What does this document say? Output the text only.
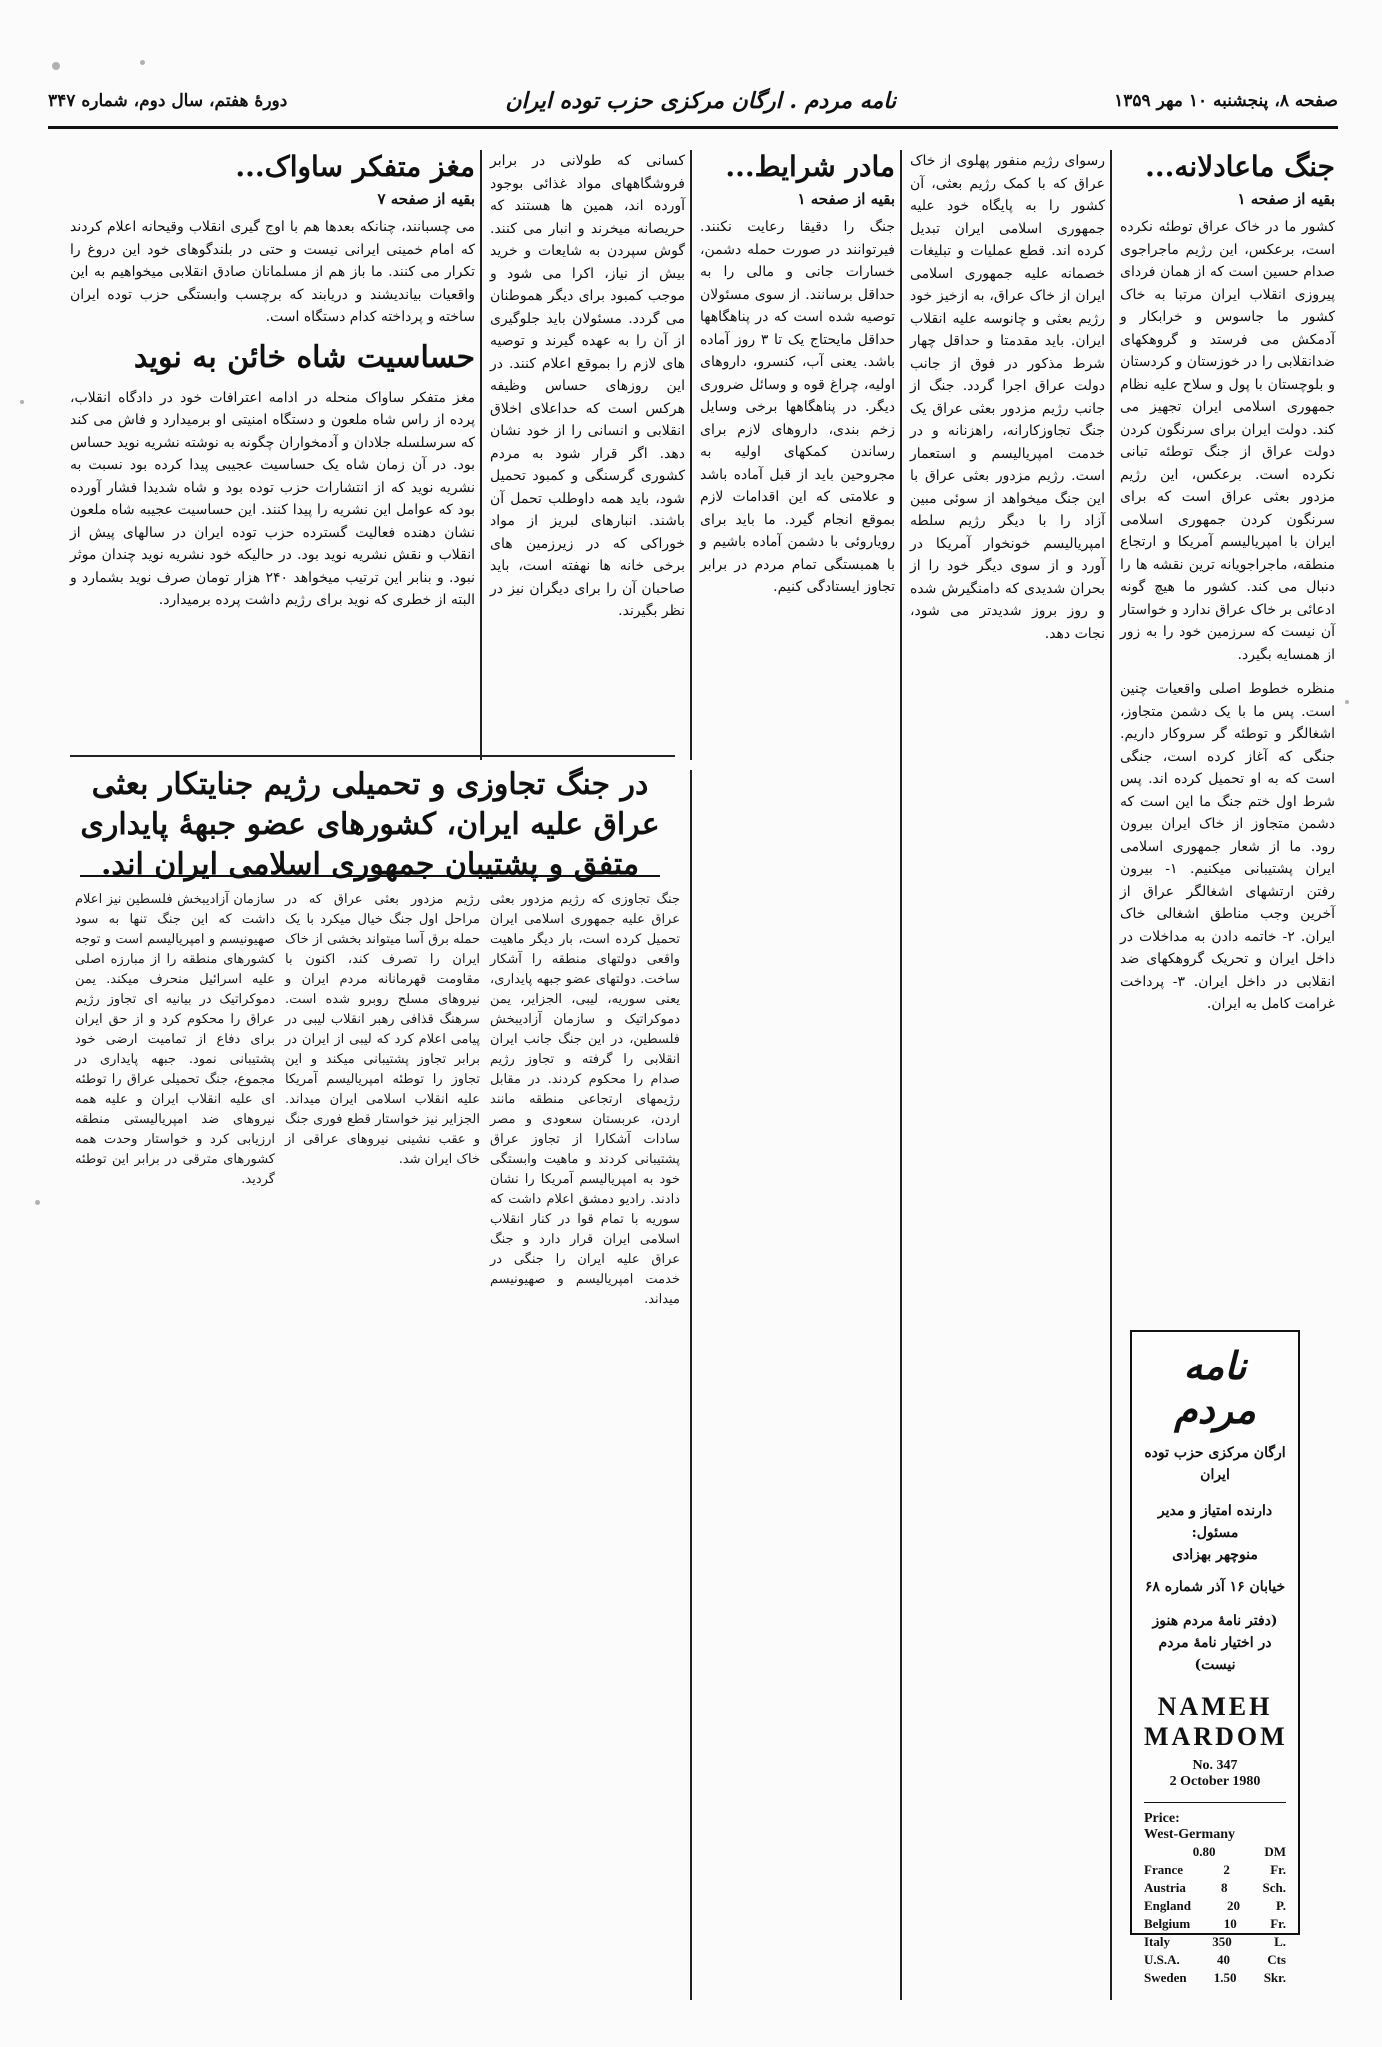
صفحه ۸، پنجشنبه ۱۰ مهر ۱۳۵۹
نامه مردم . ارگان مرکزی حزب توده ایران
دورهٔ هفتم، سال دوم، شماره ۳۴۷
جنگ ماعادلانه...
بقیه از صفحه ۱

کشور ما در خاک عراق توطئه نکرده است، برعکس، این رژیم ماجراجوی صدام حسین است که از همان فردای پیروزی انقلاب ایران مرتبا به خاک کشور ما جاسوس و خرابکار و آدمکش می فرستد و گروهکهای ضدانقلابی را در خوزستان و کردستان و بلوچستان با پول و سلاح علیه نظام جمهوری اسلامی ایران تجهیز می کند. دولت ایران برای سرنگون کردن دولت عراق از جنگ توطئه تبانی نکرده است. برعکس، این رژیم مزدور بعثی عراق است که برای سرنگون کردن جمهوری اسلامی ایران با امپریالیسم آمریکا و ارتجاع منطقه، ماجراجویانه ترین نقشه ها را دنبال می کند. کشور ما هیچ گونه ادعائی بر خاک عراق ندارد و خواستار آن نیست که سرزمین خود را به زور از همسایه بگیرد.

منظره خطوط اصلی واقعیات چنین است. پس ما با یک دشمن متجاوز، اشغالگر و توطئه گر سروکار داریم. جنگی که آغاز کرده است، جنگی است که به او تحمیل کرده اند. پس شرط اول ختم جنگ ما این است که دشمن متجاوز از خاک ایران بیرون رود. ما از شعار جمهوری اسلامی ایران پشتیبانی میکنیم. ۱- بیرون رفتن ارتشهای اشغالگر عراق از آخرین وجب مناطق اشغالی خاک ایران. ۲- خاتمه دادن به مداخلات در داخل ایران و تحریک گروهکهای ضد انقلابی در داخل ایران. ۳- پرداخت غرامت کامل به ایران.

رسوای رژیم منفور پهلوی از خاک عراق که با کمک رژیم بعثی، آن کشور را به پایگاه خود علیه جمهوری اسلامی ایران تبدیل کرده اند. قطع عملیات و تبلیغات خصمانه علیه جمهوری اسلامی ایران از خاک عراق، به ازخیز خود رژیم بعثی و چانوسه علیه انقلاب ایران. باید مقدمتا و حداقل چهار شرط مذکور در فوق از جانب دولت عراق اجرا گردد. جنگ از جانب رژیم مزدور بعثی عراق یک جنگ تجاوزکارانه، راهزنانه و در خدمت امپریالیسم و استعمار است. رژیم مزدور بعثی عراق با این جنگ میخواهد از سوئی مبین آزاد را با دیگر رژیم سلطه امپریالیسم خونخوار آمریکا در آورد و از سوی دیگر خود را از بحران شدیدی که دامنگیرش شده و روز بروز شدیدتر می شود، نجات دهد.

مادر شرایط...
بقیه از صفحه ۱

جنگ را دقیقا رعایت نکنند. فیرتوانند در صورت حمله دشمن، خسارات جانی و مالی را به حداقل برسانند. از سوی مسئولان توصیه شده است که در پناهگاهها حداقل مایحتاج یک تا ۳ روز آماده باشد. یعنی آب، کنسرو، داروهای اولیه، چراغ قوه و وسائل ضروری دیگر. در پناهگاهها برخی وسایل زخم بندی، داروهای لازم برای رساندن کمکهای اولیه به مجروحین باید از قبل آماده باشد و علامتی که این اقدامات لازم بموقع انجام گیرد. ما باید برای رویاروئی با دشمن آماده باشیم و با همبستگی تمام مردم در برابر تجاوز ایستادگی کنیم.

کسانی که طولانی در برابر فروشگاههای مواد غذائی بوجود آورده اند، همین ها هستند که حریصانه میخرند و انبار می کنند. گوش سپردن به شایعات و خرید بیش از نیاز، اکرا می شود و موجب کمبود برای دیگر هموطنان می گردد. مسئولان باید جلوگیری از آن را به عهده گیرند و توصیه های لازم را بموقع اعلام کنند. در این روزهای حساس وظیفه هرکس است که حداعلای اخلاق انقلابی و انسانی را از خود نشان دهد. اگر قرار شود به مردم کشوری گرسنگی و کمبود تحمیل شود، باید همه داوطلب تحمل آن باشند. انبارهای لبریز از مواد خوراکی که در زیرزمین های برخی خانه ها نهفته است، باید صاحبان آن را برای دیگران نیز در نظر بگیرند.

مغز متفکر ساواک...
بقیه از صفحه ۷

می چسبانند، چنانکه بعدها هم با اوج گیری انقلاب وقیحانه اعلام کردند که امام خمینی ایرانی نیست و حتی در بلندگوهای خود این دروغ را تکرار می کنند. ما باز هم از مسلمانان صادق انقلابی میخواهیم به این واقعیات بیاندیشند و دریابند که برچسب وابستگی حزب توده ایران ساخته و پرداخته کدام دستگاه است.

حساسیت شاه خائن به نوید

مغز متفکر ساواک منحله در ادامه اعترافات خود در دادگاه انقلاب، پرده از راس شاه ملعون و دستگاه امنیتی او برمیدارد و فاش می کند که سرسلسله جلادان و آدمخواران چگونه به نوشته نشریه نوید حساس بود. در آن زمان شاه یک حساسیت عجیبی پیدا کرده بود نسبت به نشریه نوید که از انتشارات حزب توده بود و شاه شدیدا فشار آورده بود که عوامل این نشریه را پیدا کنند. این حساسیت عجیبه شاه ملعون نشان دهنده فعالیت گسترده حزب توده ایران در سالهای پیش از انقلاب و نقش نشریه نوید بود. در حالیکه خود نشریه نوید چندان موثر نبود. و بنابر این ترتیب میخواهد ۲۴۰ هزار تومان صرف نوید بشمارد و البته از خطری که نوید برای رژیم داشت پرده برمیدارد.

در جنگ تجاوزی و تحمیلی رژیم جنایتکار بعثی عراق علیه ایران، کشورهای عضو جبههٔ پایداری متفق و پشتیبان جمهوری اسلامی ایران اند.
جنگ تجاوزی که رژیم مزدور بعثی عراق علیه جمهوری اسلامی ایران تحمیل کرده است، بار دیگر ماهیت واقعی دولتهای منطقه را آشکار ساخت. دولتهای عضو جبهه پایداری، یعنی سوریه، لیبی، الجزایر، یمن دموکراتیک و سازمان آزادیبخش فلسطین، در این جنگ جانب ایران انقلابی را گرفته و تجاوز رژیم صدام را محکوم کردند. در مقابل رژیمهای ارتجاعی منطقه مانند اردن، عربستان سعودی و مصر سادات آشکارا از تجاوز عراق پشتیبانی کردند و ماهیت وابستگی خود به امپریالیسم آمریکا را نشان دادند. رادیو دمشق اعلام داشت که سوریه با تمام قوا در کنار انقلاب اسلامی ایران قرار دارد و جنگ عراق علیه ایران را جنگی در خدمت امپریالیسم و صهیونیسم میداند.
رژیم مزدور بعثی عراق که در مراحل اول جنگ خیال میکرد با یک حمله برق آسا میتواند بخشی از خاک ایران را تصرف کند، اکنون با مقاومت قهرمانانه مردم ایران و نیروهای مسلح روبرو شده است. سرهنگ قذافی رهبر انقلاب لیبی در پیامی اعلام کرد که لیبی از ایران در برابر تجاوز پشتیبانی میکند و این تجاوز را توطئه امپریالیسم آمریکا علیه انقلاب اسلامی ایران میداند. الجزایر نیز خواستار قطع فوری جنگ و عقب نشینی نیروهای عراقی از خاک ایران شد.
سازمان آزادیبخش فلسطین نیز اعلام داشت که این جنگ تنها به سود صهیونیسم و امپریالیسم است و توجه کشورهای منطقه را از مبارزه اصلی علیه اسرائیل منحرف میکند. یمن دموکراتیک در بیانیه ای تجاوز رژیم عراق را محکوم کرد و از حق ایران برای دفاع از تمامیت ارضی خود پشتیبانی نمود. جبهه پایداری در مجموع، جنگ تحمیلی عراق را توطئه ای علیه انقلاب ایران و علیه همه نیروهای ضد امپریالیستی منطقه ارزیابی کرد و خواستار وحدت همه کشورهای مترقی در برابر این توطئه گردید.
نامه مردم
ارگان مرکزی حزب توده ایران
دارنده امتیاز و مدیر مسئول:
منوچهر بهزادی
خیابان ۱۶ آذر شماره ۶۸
(دفتر نامهٔ مردم هنوز در اختیار نامهٔ مردم نیست)
NAMEH
MARDOM
No. 347
2 October 1980
Price:
West-Germany
0.80	DM
France	2	Fr.
Austria	8	Sch.
England	20	P.
Belgium	10	Fr.
Italy	350	L.
U.S.A.	40	Cts
Sweden 1.50 Skr.
